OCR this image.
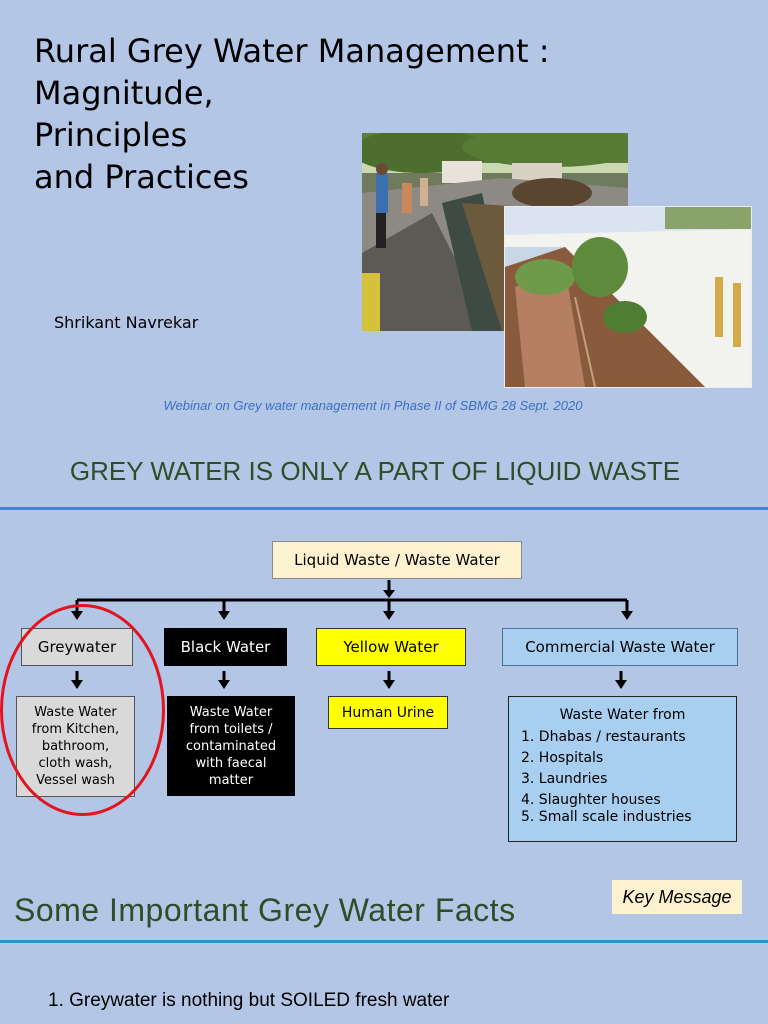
Rural Grey Water Management :
Magnitude,
Principles
and Practices
Shrikant Navrekar
Webinar on Grey water management in Phase II of SBMG 28 Sept. 2020
GREY WATER IS ONLY A PART OF LIQUID WASTE
Liquid Waste / Waste Water
Greywater	Black Water	Yellow Water	Commercial Waste Water
Waste Water
from Kitchen,
bathroom,
cloth wash,
Vessel wash
Waste Water
from toilets /
contaminated
with faecal
matter
Human Urine	Waste Water from
1. Dhabas / restaurants
2. Hospitals
3. Laundries
4. Slaughter houses
5. Small scale industries
Some Important Grey Water Facts	Key Message
1. Greywater is nothing but SOILED fresh water
